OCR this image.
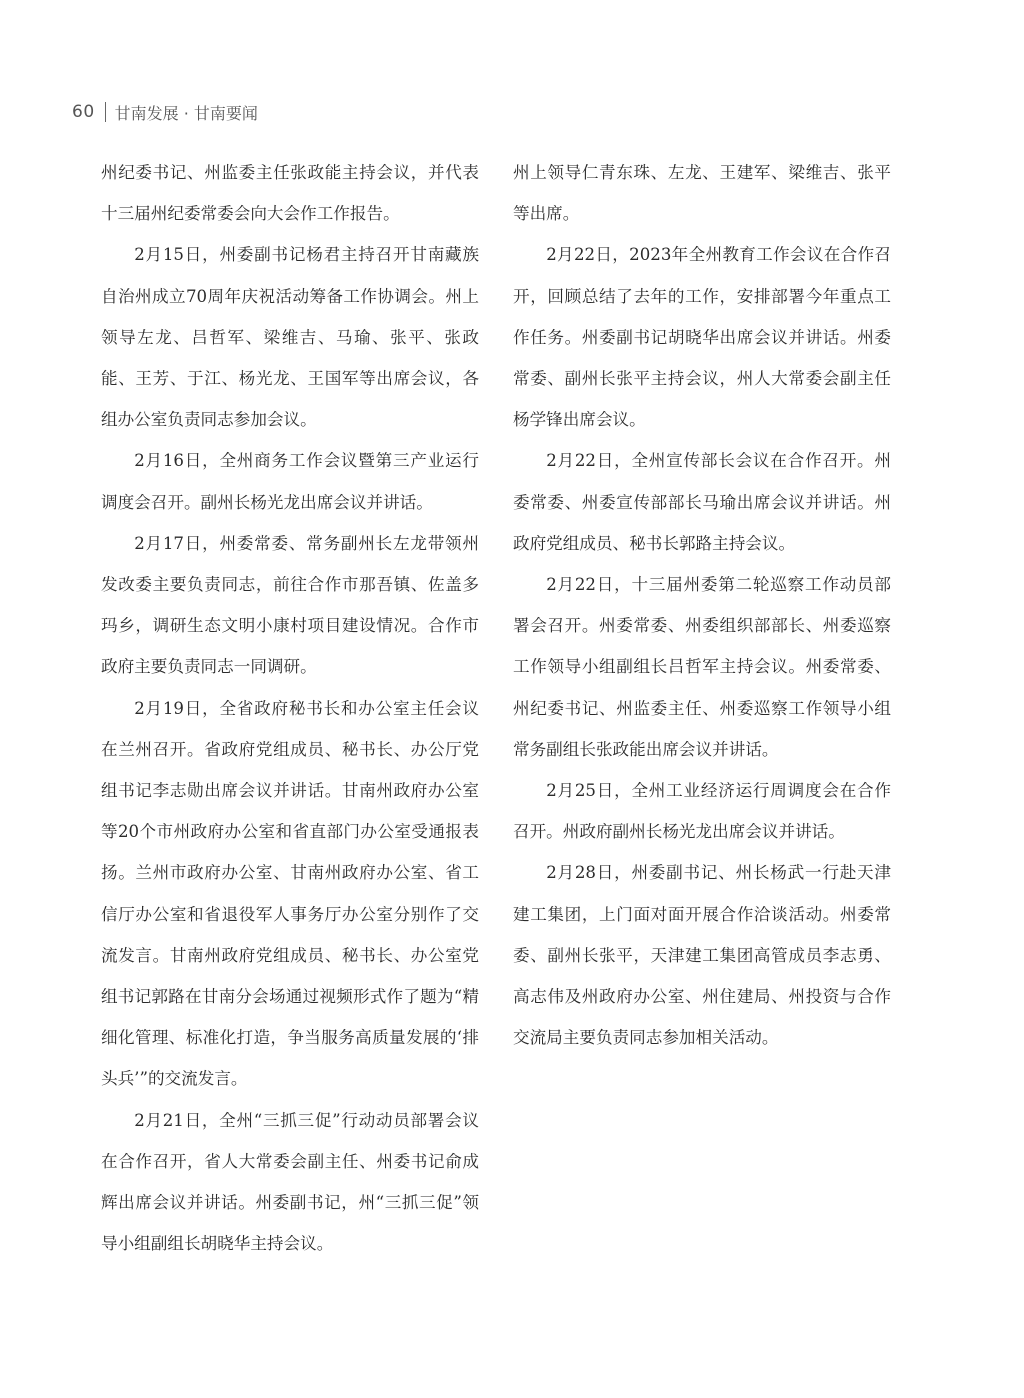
60 甘南发展 · 甘南要闻

州纪委书记、州监委主任张政能主持会议，并代表十三届州纪委常委会向大会作工作报告。

2月15日，州委副书记杨君主持召开甘南藏族自治州成立70周年庆祝活动筹备工作协调会。州上领导左龙、吕哲军、梁维吉、马瑜、张平、张政能、王芳、于江、杨光龙、王国军等出席会议，各组办公室负责同志参加会议。

2月16日，全州商务工作会议暨第三产业运行调度会召开。副州长杨光龙出席会议并讲话。

2月17日，州委常委、常务副州长左龙带领州发改委主要负责同志，前往合作市那吾镇、佐盖多玛乡，调研生态文明小康村项目建设情况。合作市政府主要负责同志一同调研。

2月19日，全省政府秘书长和办公室主任会议在兰州召开。省政府党组成员、秘书长、办公厅党组书记李志勋出席会议并讲话。甘南州政府办公室等20个市州政府办公室和省直部门办公室受通报表扬。兰州市政府办公室、甘南州政府办公室、省工信厅办公室和省退役军人事务厅办公室分别作了交流发言。甘南州政府党组成员、秘书长、办公室党组书记郭路在甘南分会场通过视频形式作了题为“精细化管理、标准化打造，争当服务高质量发展的‘排头兵’”的交流发言。

2月21日，全州“三抓三促”行动动员部署会议在合作召开，省人大常委会副主任、州委书记俞成辉出席会议并讲话。州委副书记，州“三抓三促”领导小组副组长胡晓华主持会议。

州上领导仁青东珠、左龙、王建军、梁维吉、张平等出席。

2月22日，2023年全州教育工作会议在合作召开，回顾总结了去年的工作，安排部署今年重点工作任务。州委副书记胡晓华出席会议并讲话。州委常委、副州长张平主持会议，州人大常委会副主任杨学锋出席会议。

2月22日，全州宣传部长会议在合作召开。州委常委、州委宣传部部长马瑜出席会议并讲话。州政府党组成员、秘书长郭路主持会议。

2月22日，十三届州委第二轮巡察工作动员部署会召开。州委常委、州委组织部部长、州委巡察工作领导小组副组长吕哲军主持会议。州委常委、州纪委书记、州监委主任、州委巡察工作领导小组常务副组长张政能出席会议并讲话。

2月25日，全州工业经济运行周调度会在合作召开。州政府副州长杨光龙出席会议并讲话。

2月28日，州委副书记、州长杨武一行赴天津建工集团，上门面对面开展合作洽谈活动。州委常委、副州长张平，天津建工集团高管成员李志勇、高志伟及州政府办公室、州住建局、州投资与合作交流局主要负责同志参加相关活动。
